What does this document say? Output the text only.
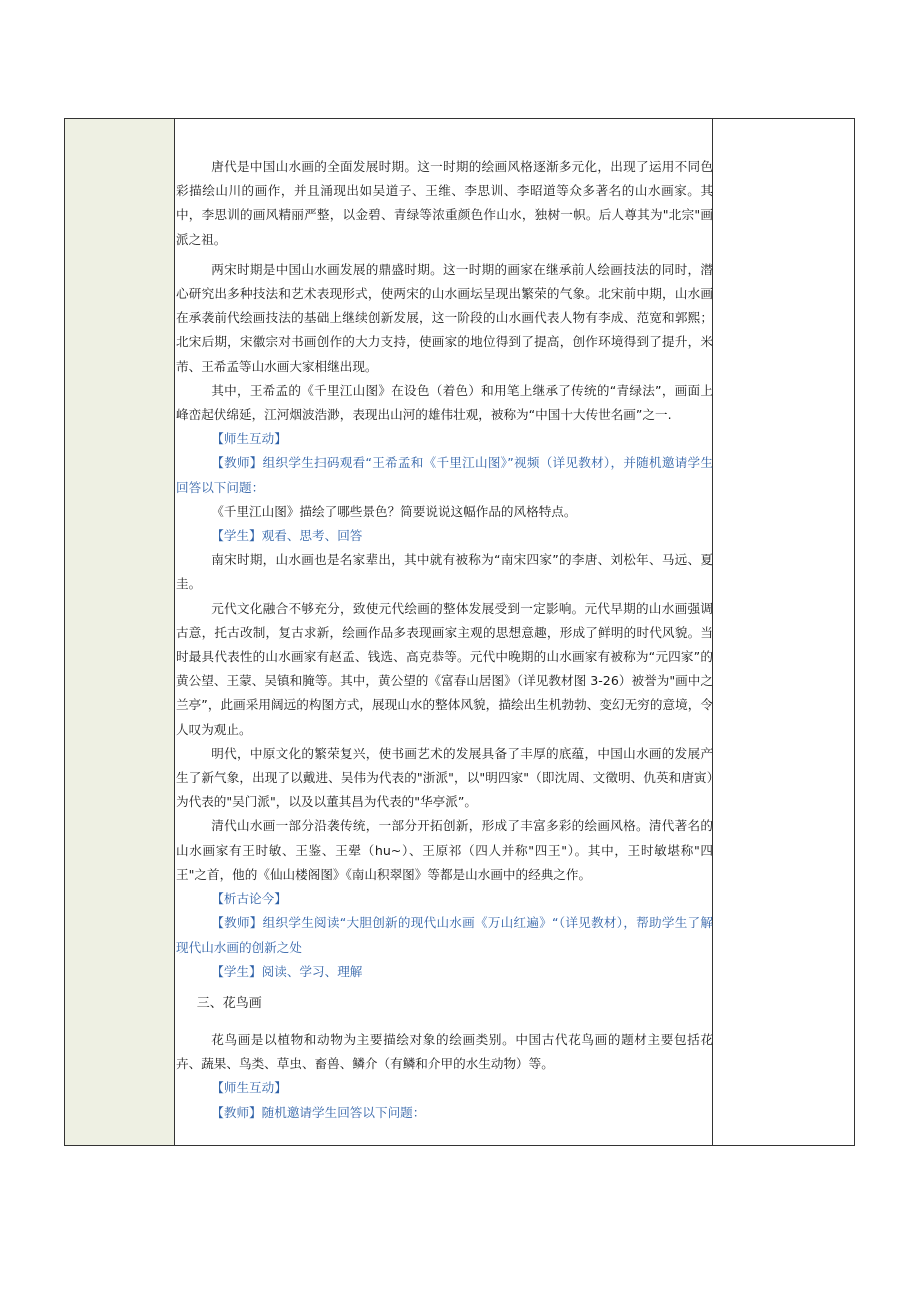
唐代是中国山水画的全面发展时期。这一时期的绘画风格逐渐多元化，出现了运用不同色彩描绘山川的画作，并且涌现出如吴道子、王维、李思训、李昭道等众多著名的山水画家。其中，李思训的画风精丽严整，以金碧、青绿等浓重颜色作山水，独树一帜。后人尊其为"北宗"画派之祖。

两宋时期是中国山水画发展的鼎盛时期。这一时期的画家在继承前人绘画技法的同时，潜心研究出多种技法和艺术表现形式，使两宋的山水画坛呈现出繁荣的气象。北宋前中期，山水画在承袭前代绘画技法的基础上继续创新发展，这一阶段的山水画代表人物有李成、范宽和郭熙；北宋后期，宋徽宗对书画创作的大力支持，使画家的地位得到了提高，创作环境得到了提升，米芾、王希孟等山水画大家相继出现。

其中，王希孟的《千里江山图》在设色（着色）和用笔上继承了传统的“青绿法”，画面上峰峦起伏绵延，江河烟波浩渺，表现出山河的雄伟壮观，被称为“中国十大传世名画”之一.

【师生互动】

【教师】组织学生扫码观看“王希孟和《千里江山图》”视频（详见教材），并随机邀请学生回答以下问题：

《千里江山图》描绘了哪些景色？简要说说这幅作品的风格特点。

【学生】观看、思考、回答

南宋时期，山水画也是名家辈出，其中就有被称为“南宋四家”的李唐、刘松年、马远、夏圭。

元代文化融合不够充分，致使元代绘画的整体发展受到一定影响。元代早期的山水画强调古意，托古改制，复古求新，绘画作品多表现画家主观的思想意趣，形成了鲜明的时代风貌。当时最具代表性的山水画家有赵孟、钱选、高克恭等。元代中晚期的山水画家有被称为“元四家”的黄公望、王蒙、吴镇和腌等。其中，黄公望的《富春山居图》（详见教材图 3-26）被誉为"画中之兰亭”，此画采用阔远的构图方式，展现山水的整体风貌，描绘出生机勃勃、变幻无穷的意境，令人叹为观止。

明代，中原文化的繁荣复兴，使书画艺术的发展具备了丰厚的底蕴，中国山水画的发展产生了新气象，出现了以戴进、吴伟为代表的"浙派"，以"明四家"（即沈周、文徵明、仇英和唐寅）为代表的"吴门派"，以及以董其昌为代表的"华亭派”。

清代山水画一部分沿袭传统，一部分开拓创新，形成了丰富多彩的绘画风格。清代著名的山水画家有王时敏、王鉴、王翚（hu~）、王原祁（四人并称"四王"）。其中，王时敏堪称"四王"之首，他的《仙山楼阁图》《南山积翠图》等都是山水画中的经典之作。

【析古论今】

【教师】组织学生阅读“大胆创新的现代山水画《万山红遍》“（详见教材），帮助学生了解现代山水画的创新之处

【学生】阅读、学习、理解

三、花鸟画

花鸟画是以植物和动物为主要描绘对象的绘画类别。中国古代花鸟画的题材主要包括花卉、蔬果、鸟类、草虫、畜兽、鳞介（有鳞和介甲的水生动物）等。

【师生互动】

【教师】随机邀请学生回答以下问题：
